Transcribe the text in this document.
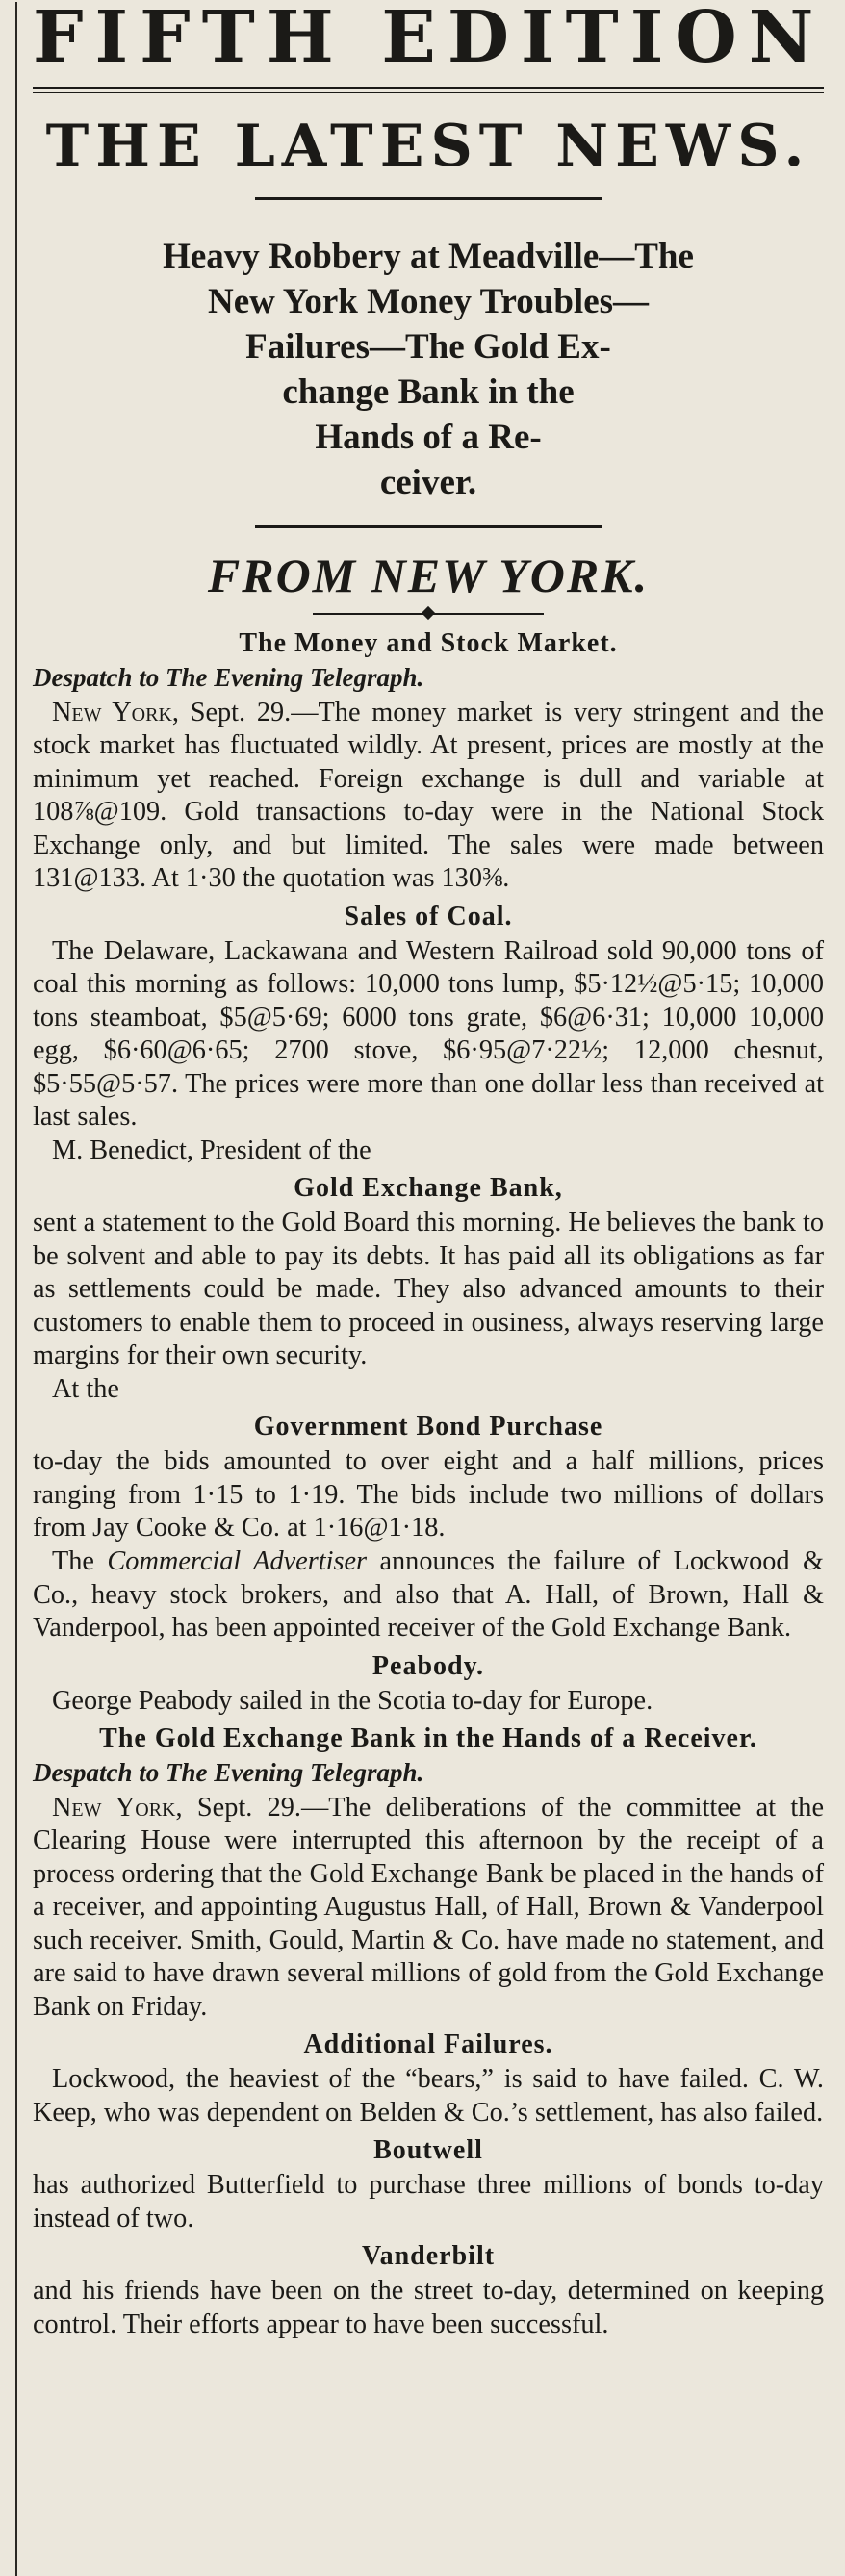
FIFTH EDITION
THE LATEST NEWS.
Heavy Robbery at Meadville—The
New York Money Troubles—
Failures—The Gold Ex-
change Bank in the
Hands of a Re-
ceiver.
FROM NEW YORK.
The Money and Stock Market.
Despatch to The Evening Telegraph.

New York, Sept. 29.—The money market is very stringent and the stock market has fluctuated wildly. At present, prices are mostly at the minimum yet reached. Foreign exchange is dull and variable at 108⅞@109. Gold transactions to-day were in the National Stock Exchange only, and but limited. The sales were made between 131@133. At 1·30 the quotation was 130⅜.

Sales of Coal.

The Delaware, Lackawana and Western Railroad sold 90,000 tons of coal this morning as follows: 10,000 tons lump, $5·12½@5·15; 10,000 tons steamboat, $5@5·69; 6000 tons grate, $6@6·31; 10,000 10,000 egg, $6·60@6·65; 2700 stove, $6·95@7·22½; 12,000 chesnut, $5·55@5·57. The prices were more than one dollar less than received at last sales.

M. Benedict, President of the

Gold Exchange Bank,

sent a statement to the Gold Board this morning. He believes the bank to be solvent and able to pay its debts. It has paid all its obligations as far as settlements could be made. They also advanced amounts to their customers to enable them to proceed in ousiness, always reserving large margins for their own security.

At the

Government Bond Purchase

to-day the bids amounted to over eight and a half millions, prices ranging from 1·15 to 1·19. The bids include two millions of dollars from Jay Cooke & Co. at 1·16@1·18.

The Commercial Advertiser announces the failure of Lockwood & Co., heavy stock brokers, and also that A. Hall, of Brown, Hall & Vanderpool, has been appointed receiver of the Gold Exchange Bank.

Peabody.

George Peabody sailed in the Scotia to-day for Europe.

The Gold Exchange Bank in the Hands of a Receiver.
Despatch to The Evening Telegraph.

New York, Sept. 29.—The deliberations of the committee at the Clearing House were interrupted this afternoon by the receipt of a process ordering that the Gold Exchange Bank be placed in the hands of a receiver, and appointing Augustus Hall, of Hall, Brown & Vanderpool such receiver. Smith, Gould, Martin & Co. have made no statement, and are said to have drawn several millions of gold from the Gold Exchange Bank on Friday.

Additional Failures.

Lockwood, the heaviest of the “bears,” is said to have failed. C. W. Keep, who was dependent on Belden & Co.’s settlement, has also failed.

Boutwell

has authorized Butterfield to purchase three millions of bonds to-day instead of two.

Vanderbilt

and his friends have been on the street to-day, determined on keeping control. Their efforts appear to have been successful.
